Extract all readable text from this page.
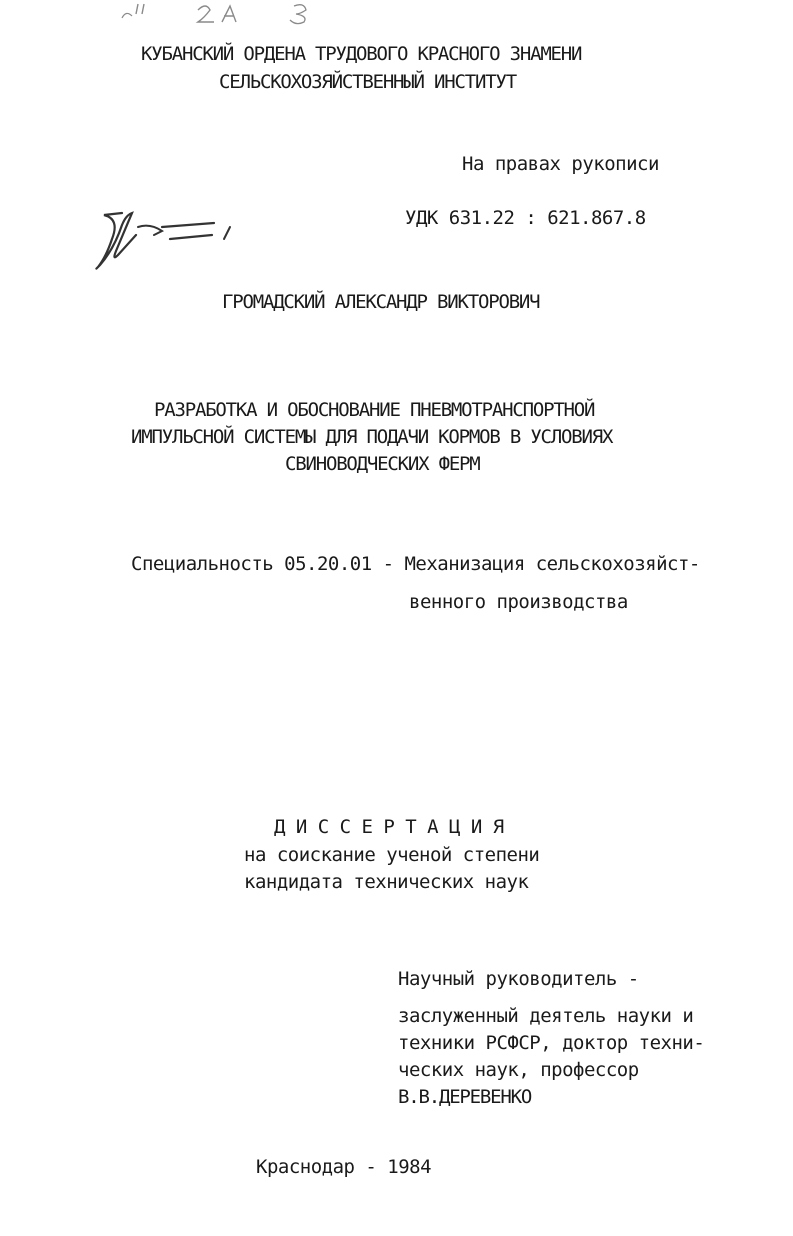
КУБАНСКИЙ ОРДЕНА ТРУДОВОГО КРАСНОГО ЗНАМЕНИ
СЕЛЬСКОХОЗЯЙСТВЕННЫЙ ИНСТИТУТ
На правах рукописи
УДК 631.22 : 621.867.8
ГРОМАДСКИЙ АЛЕКСАНДР ВИКТОРОВИЧ
РАЗРАБОТКА И ОБОСНОВАНИЕ ПНЕВМОТРАНСПОРТНОЙ
ИМПУЛЬСНОЙ СИСТЕМЫ ДЛЯ ПОДАЧИ КОРМОВ В УСЛОВИЯХ
СВИНОВОДЧЕСКИХ ФЕРМ
Специальность 05.20.01 - Механизация сельскохозяйст-
венного производства
Д И С С Е Р Т А Ц И Я
на соискание ученой степени
кандидата технических наук
Научный руководитель -
заслуженный деятель науки и
техники РСФСР, доктор техни-
ческих наук, профессор
В.В.ДЕРЕВЕНКО
Краснодар - 1984
